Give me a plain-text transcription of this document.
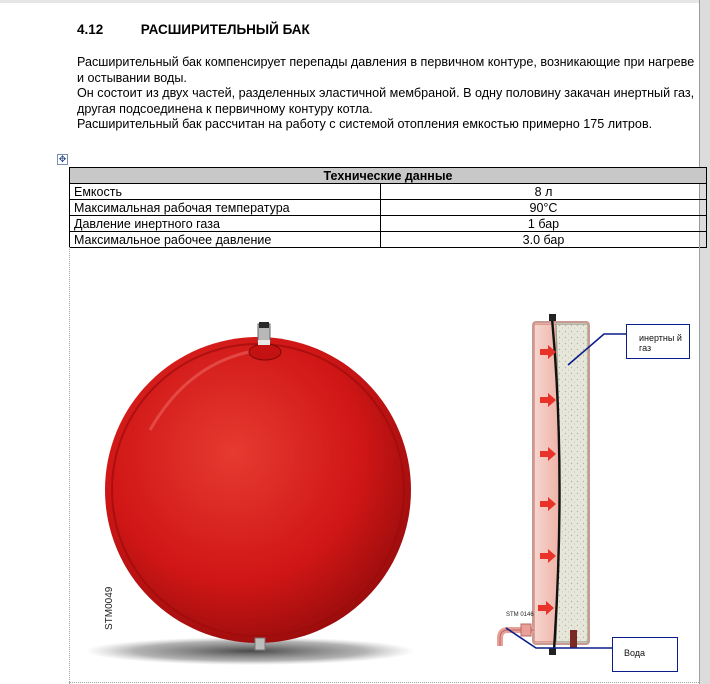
4.12	РАСШИРИТЕЛЬНЫЙ БАК
Расширительный бак компенсирует перепады давления в первичном контуре, возникающие при нагреве и остывании воды.
Он состоит из двух частей, разделенных эластичной мембраной. В одну половину закачан инертный газ, другая подсоединена к первичному контуру котла.
Расширительный бак рассчитан на работу с системой отопления емкостью примерно 175 литров.
✥
Технические данные	
Емкость	8 л
Максимальная рабочая температура	90°C
Давление инертного газа	1 бар
Максимальное рабочее давление	3.0 бар
STM0049	STM 0146
инертны й газ
Вода
